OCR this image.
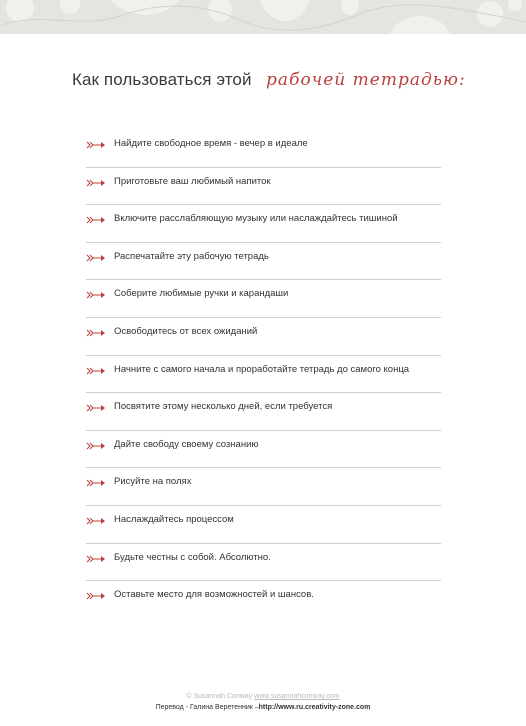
Как пользоваться этой рабочей тетрадью:
Найдите свободное время - вечер в идеале
Приготовьте ваш любимый напиток
Включите расслабляющую музыку или наслаждайтесь тишиной
Распечатайте эту рабочую тетрадь
Соберите любимые ручки и карандаши
Освободитесь от всех ожиданий
Начните с самого начала и проработайте тетрадь до самого конца
Посвятите этому несколько дней, если требуется
Дайте свободу своему сознанию
Рисуйте на полях
Наслаждайтесь процессом
Будьте честны с собой. Абсолютно.
Оставьте место для возможностей и шансов.
© Susannah Conway www.susannahconway.com
Перевод - Галина Веретенник –http://www.ru.creativity-zone.com
